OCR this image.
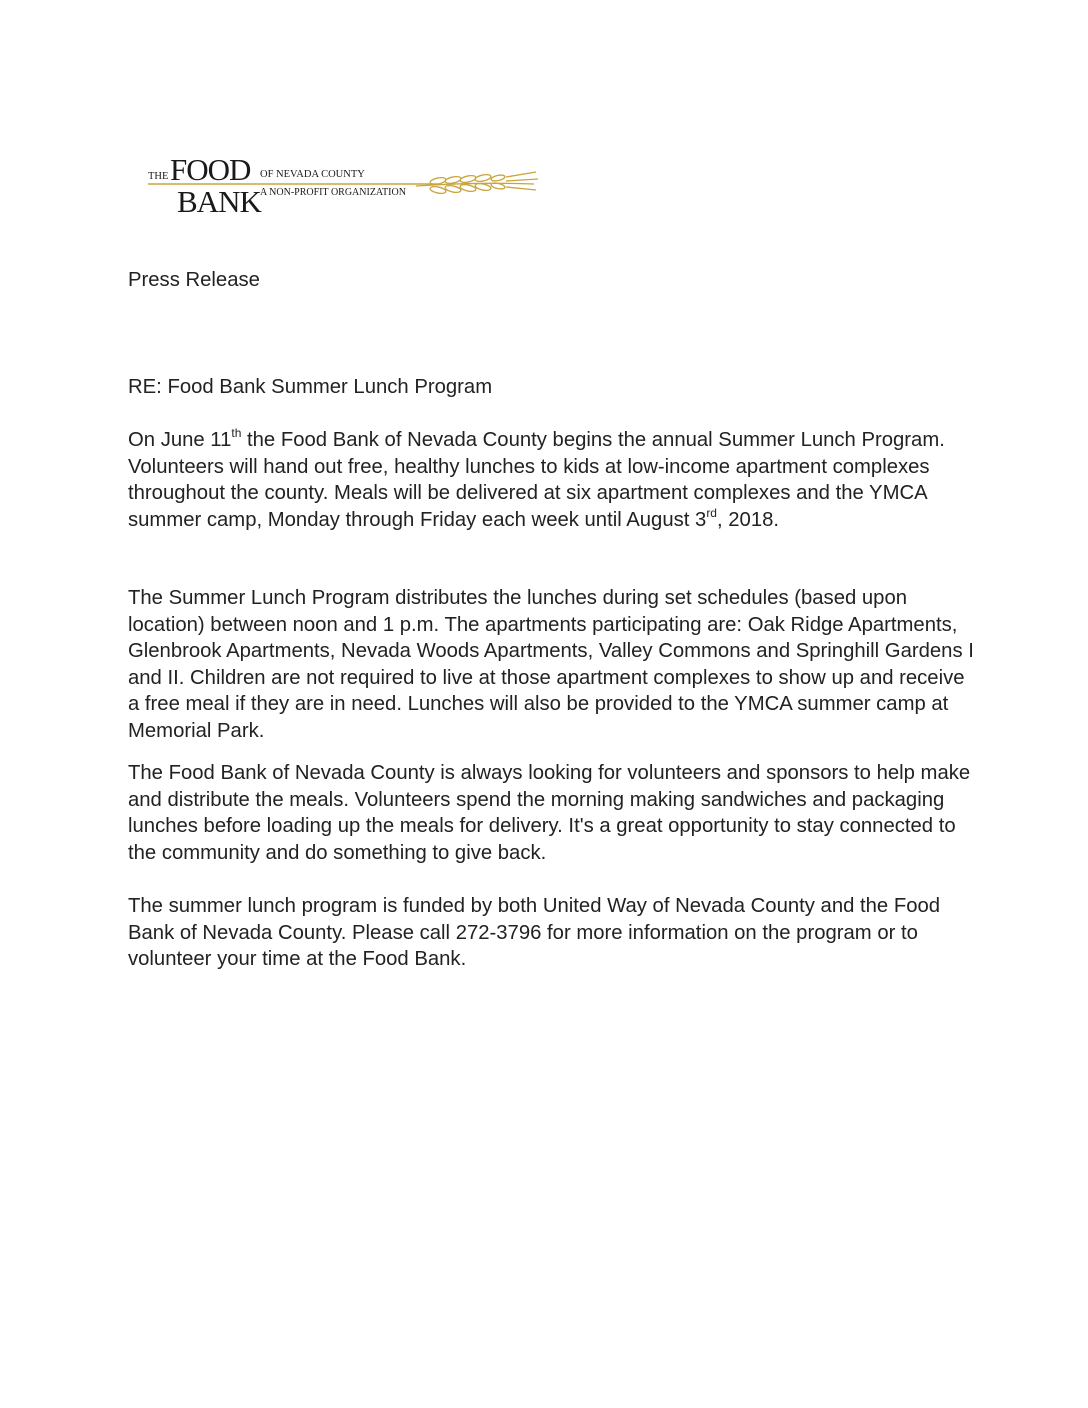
THE FOOD OF NEVADA COUNTY
BANK A NON-PROFIT ORGANIZATION

Press Release

RE: Food Bank Summer Lunch Program

On June 11th the Food Bank of Nevada County begins the annual Summer Lunch Program. Volunteers will hand out free, healthy lunches to kids at low-income apartment complexes throughout the county. Meals will be delivered at six apartment complexes and the YMCA summer camp, Monday through Friday each week until August 3rd, 2018.

The Summer Lunch Program distributes the lunches during set schedules (based upon location) between noon and 1 p.m. The apartments participating are: Oak Ridge Apartments, Glenbrook Apartments, Nevada Woods Apartments, Valley Commons and Springhill Gardens I and II. Children are not required to live at those apartment complexes to show up and receive a free meal if they are in need. Lunches will also be provided to the YMCA summer camp at Memorial Park.

The Food Bank of Nevada County is always looking for volunteers and sponsors to help make and distribute the meals. Volunteers spend the morning making sandwiches and packaging lunches before loading up the meals for delivery. It's a great opportunity to stay connected to the community and do something to give back.

The summer lunch program is funded by both United Way of Nevada County and the Food Bank of Nevada County. Please call 272-3796 for more information on the program or to volunteer your time at the Food Bank.
